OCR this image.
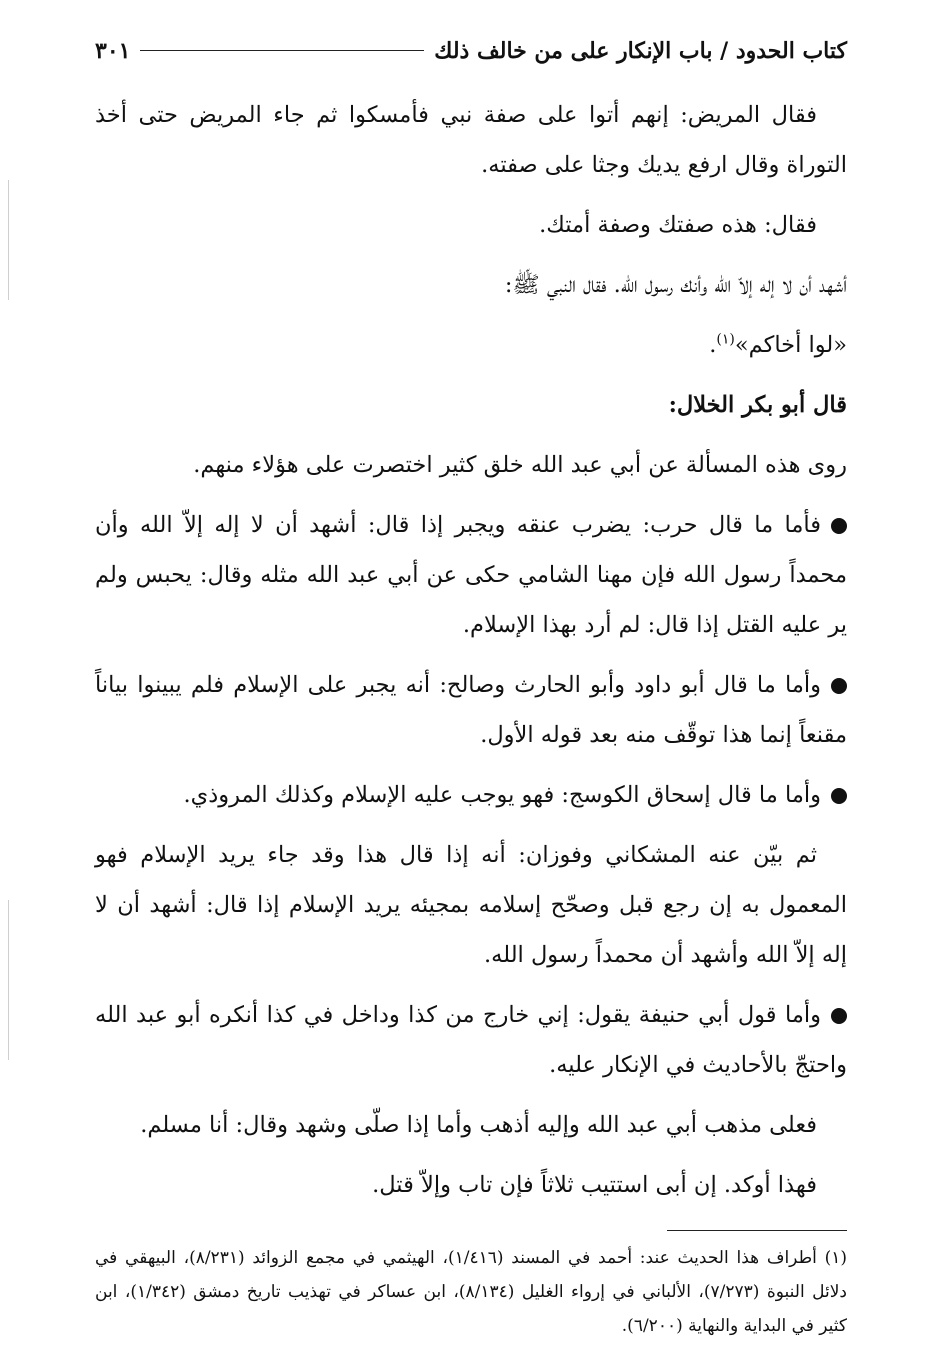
كتاب الحدود / باب الإنكار على من خالف ذلك
٣٠١

فقال المريض: إنهم أتوا على صفة نبي فأمسكوا ثم جاء المريض حتى أخذ التوراة وقال ارفع يديك وجثا على صفته.

فقال: هذه صفتك وصفة أمتك.

أشهد أن لا إله إلاّ الله وأنك رسول الله. فقال النبي ﷺ:

«لوا أخاكم»$^{(١)}$.

قال أبو بكر الخلال:

روى هذه المسألة عن أبي عبد الله خلق كثير اختصرت على هؤلاء منهم.

فأما ما قال حرب: يضرب عنقه ويجبر إذا قال: أشهد أن لا إله إلاّ الله وأن محمداً رسول الله فإن مهنا الشامي حكى عن أبي عبد الله مثله وقال: يحبس ولم ير عليه القتل إذا قال: لم أرد بهذا الإسلام.

وأما ما قال أبو داود وأبو الحارث وصالح: أنه يجبر على الإسلام فلم يبينوا بياناً مقنعاً إنما هذا توقّف منه بعد قوله الأول.

وأما ما قال إسحاق الكوسج: فهو يوجب عليه الإسلام وكذلك المروذي.

ثم بيّن عنه المشكاني وفوزان: أنه إذا قال هذا وقد جاء يريد الإسلام فهو المعمول به إن رجع قبل وصحّح إسلامه بمجيئه يريد الإسلام إذا قال: أشهد أن لا إله إلاّ الله وأشهد أن محمداً رسول الله.

وأما قول أبي حنيفة يقول: إني خارج من كذا وداخل في كذا أنكره أبو عبد الله واحتجّ بالأحاديث في الإنكار عليه.

فعلى مذهب أبي عبد الله وإليه أذهب وأما إذا صلّى وشهد وقال: أنا مسلم.

فهذا أوكد. إن أبى استتيب ثلاثاً فإن تاب وإلاّ قتل.

(١) أطراف هذا الحديث عند: أحمد في المسند (١/٤١٦)، الهيثمي في مجمع الزوائد (٨/٢٣١)، البيهقي في دلائل النبوة (٧/٢٧٣)، الألباني في إرواء الغليل (٨/١٣٤)، ابن عساكر في تهذيب تاريخ دمشق (١/٣٤٢)، ابن كثير في البداية والنهاية (٦/٢٠٠).
